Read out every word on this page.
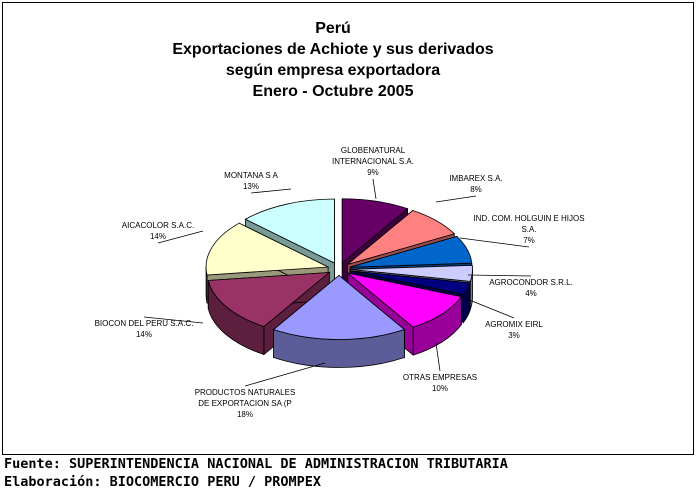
Perú
Exportaciones de Achiote y sus derivados
según empresa exportadora
Enero - Octubre 2005
GLOBENATURAL INTERNACIONAL S.A. 9%
IMBAREX S.A. 8%
IND. COM. HOLGUIN E HIJOS S.A. 7%
AGROCONDOR S.R.L. 4%
AGROMIX EIRL 3%
OTRAS EMPRESAS 10%
PRODUCTOS NATURALES DE EXPORTACION SA (P 18%
BIOCON DEL PERU S.A.C. 14%
AICACOLOR S.A.C. 14%
MONTANA S A 13%
Fuente: SUPERINTENDENCIA NACIONAL DE ADMINISTRACION TRIBUTARIA
Elaboración: BIOCOMERCIO PERU / PROMPEX
